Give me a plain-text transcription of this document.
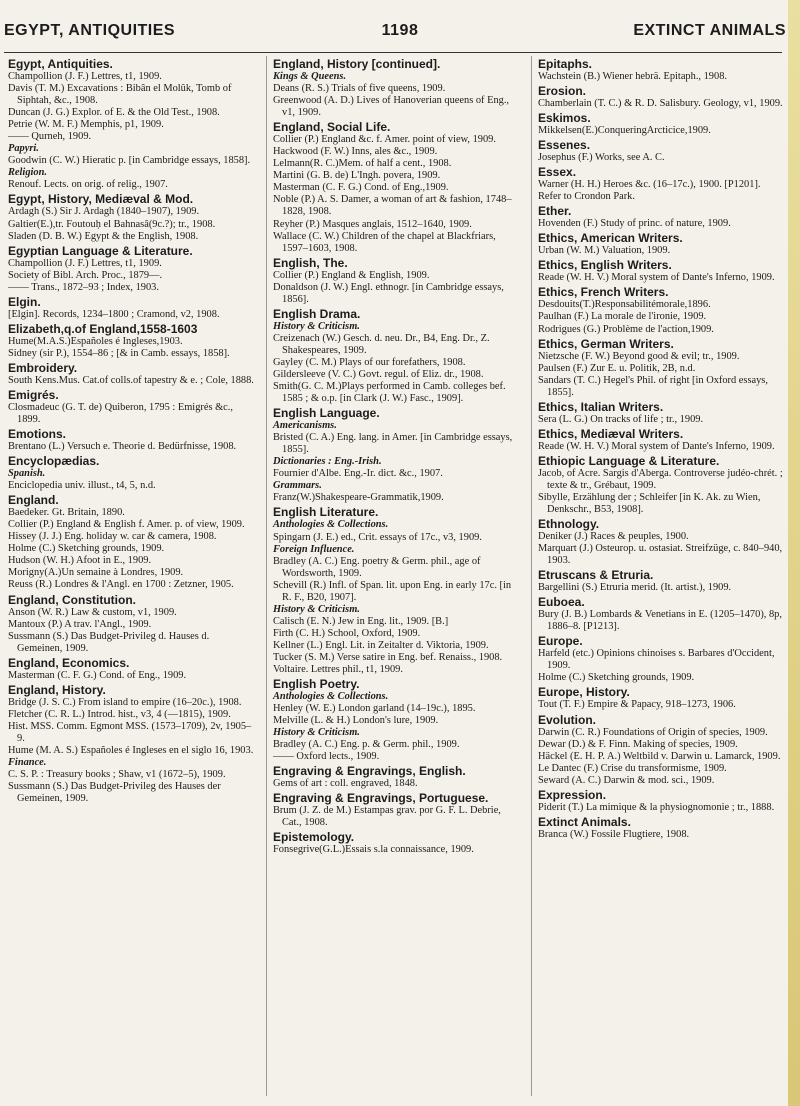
EGYPT, ANTIQUITIES	1198	EXTINCT ANIMALS
Egypt, Antiquities.
Champollion (J. F.) Lettres, t1, 1909.
Davis (T. M.) Excavations : Bibân el Molûk, Tomb of Siphtah, &c., 1908.
Duncan (J. G.) Explor. of E. & the Old Test., 1908.
Petrie (W. M. F.) Memphis, p1, 1909.
—— Qurneh, 1909.
Papyri.
Goodwin (C. W.) Hieratic p. [in Cambridge essays, 1858].
Religion.
Renouf. Lects. on orig. of relig., 1907.
Egypt, History, Mediæval & Mod.
Ardagh (S.) Sir J. Ardagh (1840–1907), 1909.
Galtier(E.),tr. Foutouḥ el Bahnasâ(9c.?); tr., 1908.
Sladen (D. B. W.) Egypt & the English, 1908.
Egyptian Language & Literature.
Champollion (J. F.) Lettres, t1, 1909.
Society of Bibl. Arch. Proc., 1879—.
—— Trans., 1872–93 ; Index, 1903.
Elgin.
[Elgin]. Records, 1234–1800 ; Cramond, v2, 1908.
Elizabeth,q.of England,1558-1603
Hume(M.A.S.)Españoles é Ingleses,1903.
Sidney (sir P.), 1554–86 ; [& in Camb. essays, 1858].
Embroidery.
South Kens.Mus. Cat.of colls.of tapestry & e. ; Cole, 1888.
Emigrés.
Closmadeuc (G. T. de) Quiberon, 1795 : Emigrés &c., 1899.
Emotions.
Brentano (L.) Versuch e. Theorie d. Bedürfnisse, 1908.
Encyclopædias.
Spanish.
Enciclopedia univ. illust., t4, 5, n.d.
England.
Baedeker. Gt. Britain, 1890.
Collier (P.) England & English f. Amer. p. of view, 1909.
Hissey (J. J.) Eng. holiday w. car & camera, 1908.
Holme (C.) Sketching grounds, 1909.
Hudson (W. H.) Afoot in E., 1909.
Morigny(A.)Un semaine à Londres, 1909.
Reuss (R.) Londres & l'Angl. en 1700 : Zetzner, 1905.
England, Constitution.
Anson (W. R.) Law & custom, v1, 1909.
Mantoux (P.) A trav. l'Angl., 1909.
Sussmann (S.) Das Budget-Privileg d. Hauses d. Gemeinen, 1909.
England, Economics.
Masterman (C. F. G.) Cond. of Eng., 1909.
England, History.
Bridge (J. S. C.) From island to empire (16–20c.), 1908.
Fletcher (C. R. L.) Introd. hist., v3, 4 (—1815), 1909.
Hist. MSS. Comm. Egmont MSS. (1573–1709), 2v, 1905–9.
Hume (M. A. S.) Españoles é Ingleses en el siglo 16, 1903.
Finance.
C. S. P. : Treasury books ; Shaw, v1 (1672–5), 1909.
Sussmann (S.) Das Budget-Privileg des Hauses der Gemeinen, 1909.
England, History [continued].
Kings & Queens.
Deans (R. S.) Trials of five queens, 1909.
Greenwood (A. D.) Lives of Hanoverian queens of Eng., v1, 1909.
England, Social Life.
Collier (P.) England &c. f. Amer. point of view, 1909.
Hackwood (F. W.) Inns, ales &c., 1909.
Lelmann(R. C.)Mem. of half a cent., 1908.
Martini (G. B. de) L'Ingh. povera, 1909.
Masterman (C. F. G.) Cond. of Eng.,1909.
Noble (P.) A. S. Damer, a woman of art & fashion, 1748–1828, 1908.
Reyher (P.) Masques anglais, 1512–1640, 1909.
Wallace (C. W.) Children of the chapel at Blackfriars, 1597–1603, 1908.
English, The.
Collier (P.) England & English, 1909.
Donaldson (J. W.) Engl. ethnogr. [in Cambridge essays, 1856].
English Drama.
History & Criticism.
Creizenach (W.) Gesch. d. neu. Dr., B4, Eng. Dr., Z. Shakespeares, 1909.
Gayley (C. M.) Plays of our forefathers, 1908.
Gildersleeve (V. C.) Govt. regul. of Eliz. dr., 1908.
Smith(G. C. M.)Plays performed in Camb. colleges bef. 1585 ; & o.p. [in Clark (J. W.) Fasc., 1909].
English Language.
Americanisms.
Bristed (C. A.) Eng. lang. in Amer. [in Cambridge essays, 1855].
Dictionaries : Eng.-Irish.
Fournier d'Albe. Eng.-Ir. dict. &c., 1907.
Grammars.
Franz(W.)Shakespeare-Grammatik,1909.
English Literature.
Anthologies & Collections.
Spingarn (J. E.) ed., Crit. essays of 17c., v3, 1909.
Foreign Influence.
Bradley (A. C.) Eng. poetry & Germ. phil., age of Wordsworth, 1909.
Schevill (R.) Infl. of Span. lit. upon Eng. in early 17c. [in R. F., B20, 1907].
History & Criticism.
Calisch (E. N.) Jew in Eng. lit., 1909. [B.]
Firth (C. H.) School, Oxford, 1909.
Kellner (L.) Engl. Lit. in Zeitalter d. Viktoria, 1909.
Tucker (S. M.) Verse satire in Eng. bef. Renaiss., 1908.
Voltaire. Lettres phil., t1, 1909.
English Poetry.
Anthologies & Collections.
Henley (W. E.) London garland (14–19c.), 1895.
Melville (L. & H.) London's lure, 1909.
History & Criticism.
Bradley (A. C.) Eng. p. & Germ. phil., 1909.
—— Oxford lects., 1909.
Engraving & Engravings, English.
Gems of art : coll. engraved, 1848.
Engraving & Engravings, Portuguese.
Brum (J. Z. de M.) Estampas grav. por G. F. L. Debrie, Cat., 1908.
Epistemology.
Fonsegrive(G.L.)Essais s.la connaissance, 1909.
Epitaphs.
Wachstein (B.) Wiener hebrä. Epitaph., 1908.
Erosion.
Chamberlain (T. C.) & R. D. Salisbury. Geology, v1, 1909.
Eskimos.
Mikkelsen(E.)ConqueringArcticice,1909.
Essenes.
Josephus (F.) Works, see A. C.
Essex.
Warner (H. H.) Heroes &c. (16–17c.), 1900. [P1201].
Refer to Crondon Park.
Ether.
Hovenden (F.) Study of princ. of nature, 1909.
Ethics, American Writers.
Urban (W. M.) Valuation, 1909.
Ethics, English Writers.
Reade (W. H. V.) Moral system of Dante's Inferno, 1909.
Ethics, French Writers.
Desdouits(T.)Responsabilitémorale,1896.
Paulhan (F.) La morale de l'ironie, 1909.
Rodrigues (G.) Problème de l'action,1909.
Ethics, German Writers.
Nietzsche (F. W.) Beyond good & evil; tr., 1909.
Paulsen (F.) Zur E. u. Politik, 2B, n.d.
Sandars (T. C.) Hegel's Phil. of right [in Oxford essays, 1855].
Ethics, Italian Writers.
Sera (L. G.) On tracks of life ; tr., 1909.
Ethics, Mediæval Writers.
Reade (W. H. V.) Moral system of Dante's Inferno, 1909.
Ethiopic Language & Literature.
Jacob, of Acre. Sargis d'Aberga. Controverse judéo-chrét. ; texte & tr., Grébaut, 1909.
Sibylle, Erzählung der ; Schleifer [in K. Ak. zu Wien, Denkschr., B53, 1908].
Ethnology.
Deniker (J.) Races & peuples, 1900.
Marquart (J.) Osteurop. u. ostasiat. Streifzüge, c. 840–940, 1903.
Etruscans & Etruria.
Bargellini (S.) Etruria merid. (It. artist.), 1909.
Euboea.
Bury (J. B.) Lombards & Venetians in E. (1205–1470), 8p, 1886–8. [P1213].
Europe.
Harfeld (etc.) Opinions chinoises s. Barbares d'Occident, 1909.
Holme (C.) Sketching grounds, 1909.
Europe, History.
Tout (T. F.) Empire & Papacy, 918–1273, 1906.
Evolution.
Darwin (C. R.) Foundations of Origin of species, 1909.
Dewar (D.) & F. Finn. Making of species, 1909.
Häckel (E. H. P. A.) Weltbild v. Darwin u. Lamarck, 1909.
Le Dantec (F.) Crise du transformisme, 1909.
Seward (A. C.) Darwin & mod. sci., 1909.
Expression.
Piderit (T.) La mimique & la physiognomonie ; tr., 1888.
Extinct Animals.
Branca (W.) Fossile Flugtiere, 1908.
